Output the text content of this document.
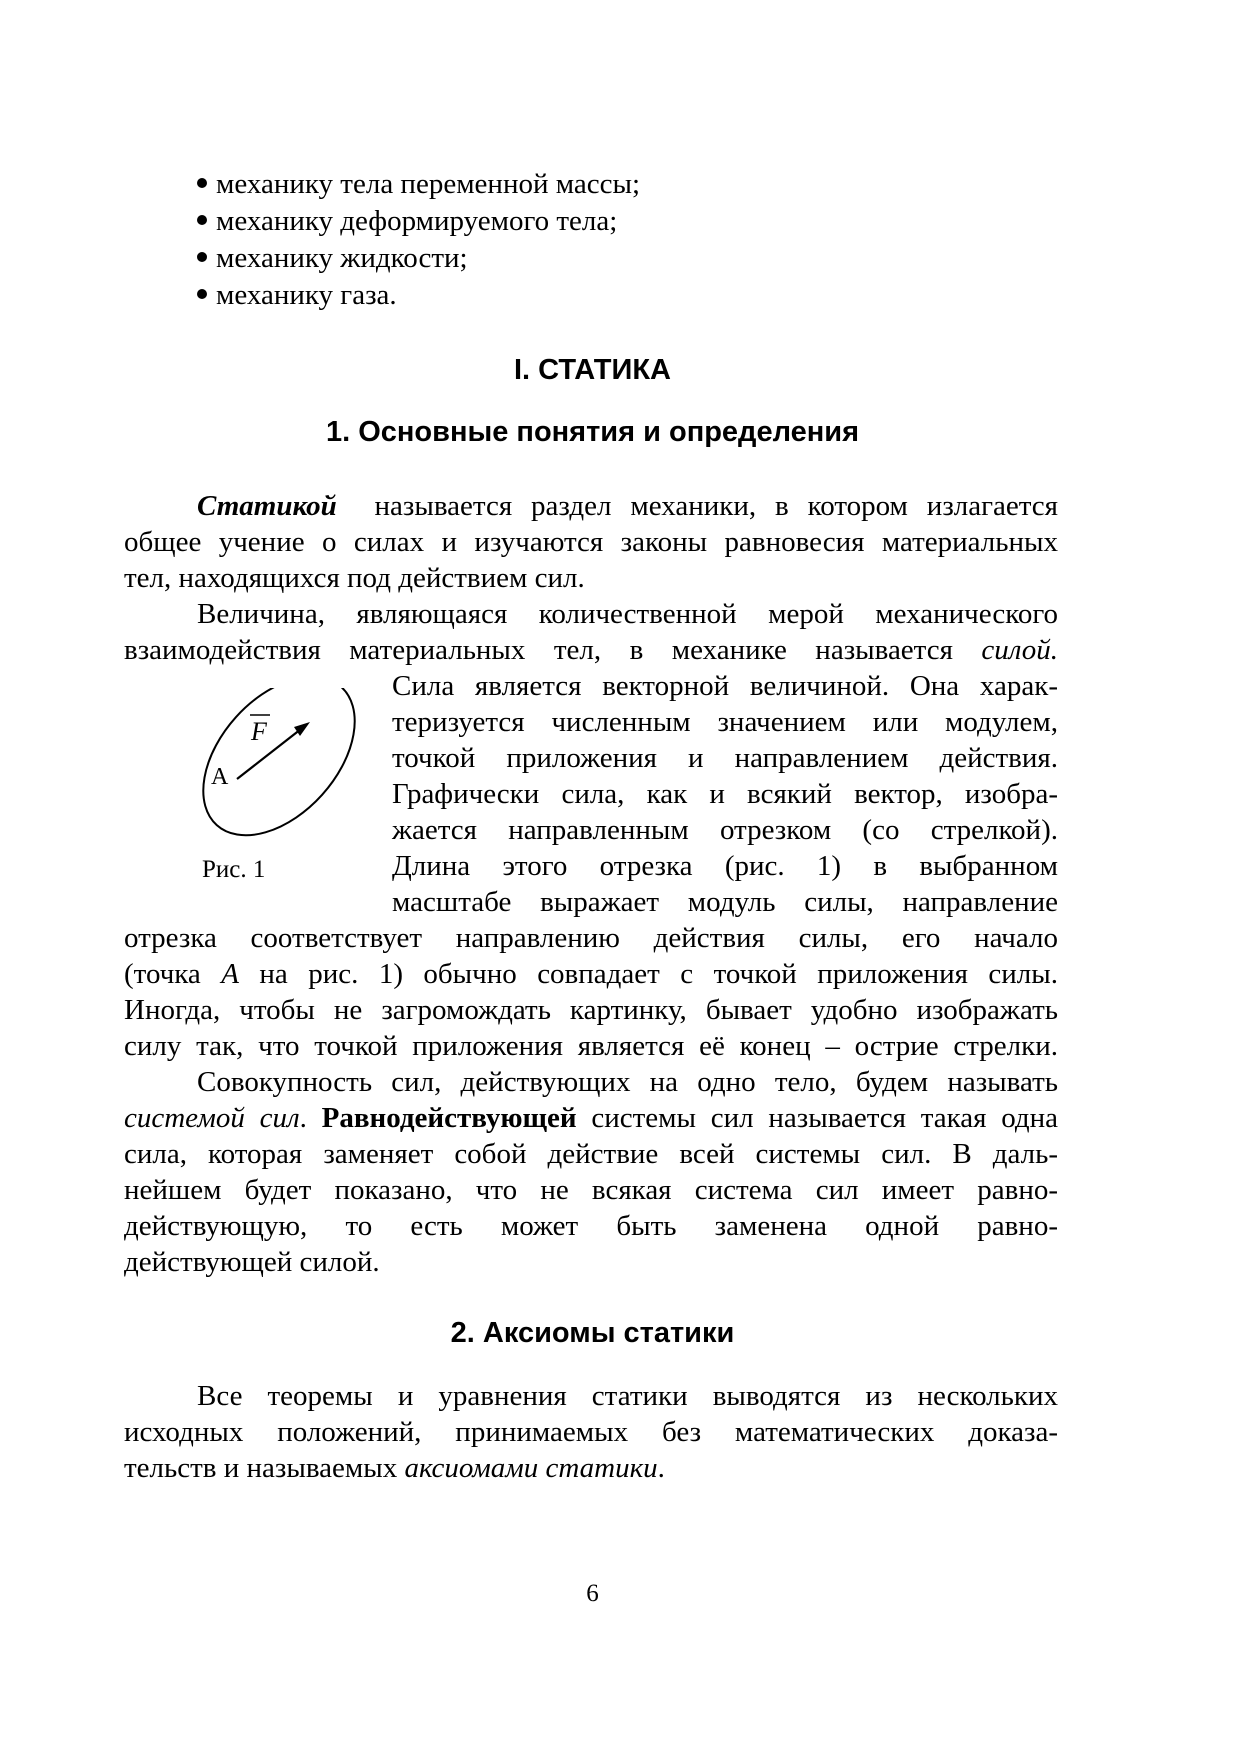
механику тела переменной массы;
механику деформируемого тела;
механику жидкости;
механику газа.
I. СТАТИКА
1. Основные понятия и определения
Статикой называется раздел механики, в котором излагается
общее учение о силах и изучаются законы равновесия материальных
тел, находящихся под действием сил.
Величина, являющаяся количественной мерой механического
взаимодействия материальных тел, в механике называется силой.
F
A
Рис. 1
Сила является векторной величиной. Она харак-
теризуется численным значением или модулем,
точкой приложения и направлением действия.
Графически сила, как и всякий вектор, изобра-
жается направленным отрезком (со стрелкой).
Длина этого отрезка (рис. 1) в выбранном
масштабе выражает модуль силы, направление
отрезка соответствует направлению действия силы, его начало
(точка A на рис. 1) обычно совпадает с точкой приложения силы.
Иногда, чтобы не загромождать картинку, бывает удобно изображать
силу так, что точкой приложения является её конец – острие стрелки.
Совокупность сил, действующих на одно тело, будем называть
системой сил. Равнодействующей системы сил называется такая одна
сила, которая заменяет собой действие всей системы сил. В даль-
нейшем будет показано, что не всякая система сил имеет равно-
действующую, то есть может быть заменена одной равно-
действующей силой.
2. Аксиомы статики
Все теоремы и уравнения статики выводятся из нескольких
исходных положений, принимаемых без математических доказа-
тельств и называемых аксиомами статики.
6
